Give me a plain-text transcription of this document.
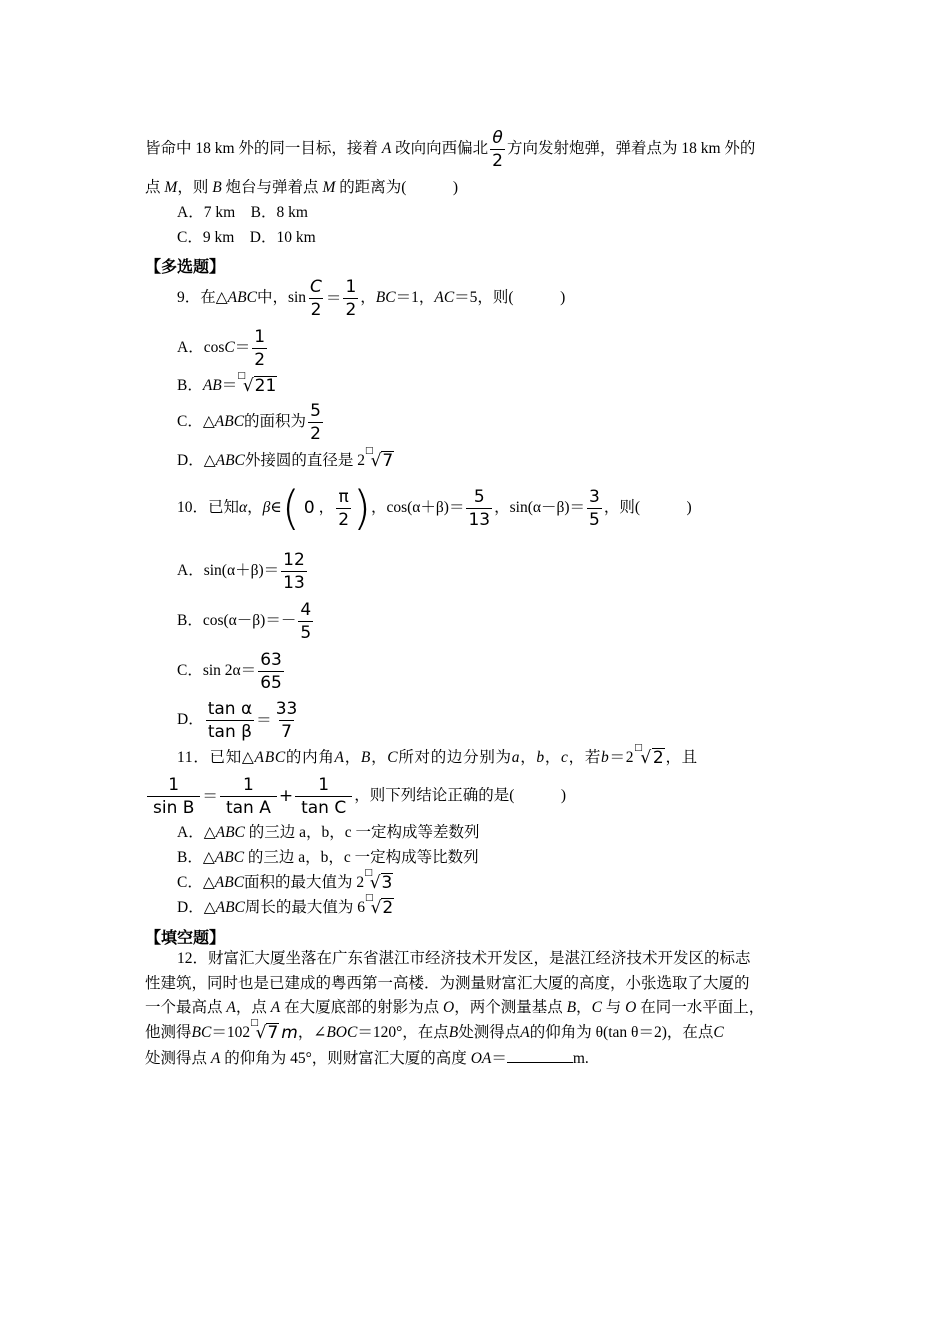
皆命中 18 km 外的同一目标，接着 A 改向向西偏北 $\frac{\theta}{2}$ 方向发射炮弹，弹着点为 18 km 外的
点 M，则 B 炮台与弹着点 M 的距离为(　　　)
A．7 km　B．8 km
C．9 km　D．10 km
【多选题】
9．在△ ABC 中，$\sin \frac{C}{2} = \frac{1}{2}$ ， BC ＝1， AC ＝5，则(　　　)
A．$\cos C = \frac{1}{2}$
B． AB ＝
□
√ 21
C．△ ABC 的面积为 $\frac{5}{2}$
D．△ ABC 外接圆的直径是 2
□
√ 7
10．已知 α ， β ∈ ( 0 ， $\frac{\pi}{2}$ ) ，$\cos(\alpha+\beta)= \frac{5}{13}$ ，$\sin(\alpha-\beta)= \frac{3}{5}$ ，则(　　　)
A．$\sin(\alpha+\beta)= \frac{12}{13}$
B．$\cos(\alpha-\beta)=- \frac{4}{5}$
C．$\sin 2\alpha= \frac{63}{65}$
D． $\frac{\text{tan α}}{\text{tan β}} = \frac{33}{7}$
11．已知△ ABC 的内角 A ， B ， C 所对的边分别为 a ， b ， c ，若 b ＝2
□
√ 2 ，且
$\frac{1}{\text{sin B}} = \frac{1}{\text{tan A}} + \frac{1}{\text{tan C}}$ ，则下列结论正确的是(　　　)
A．△ABC 的三边 a，b，c 一定构成等差数列
B．△ABC 的三边 a，b，c 一定构成等比数列
C．△ ABC 面积的最大值为 2
□
√ 3
D．△ ABC 周长的最大值为 6
□
√ 2
【填空题】
12．财富汇大厦坐落在广东省湛江市经济技术开发区，是湛江经济技术开发区的标志
性建筑，同时也是已建成的粤西第一高楼．为测量财富汇大厦的高度，小张选取了大厦的
一个最高点 A，点 A 在大厦底部的射影为点 O，两个测量基点 B，C 与 O 在同一水平面上，
他测得 BC ＝102
□
√ 7 m ，∠ BOC ＝120°，在点 B 处测得点 A 的仰角为 θ(tan θ＝2)，在点 C
处测得点 A 的仰角为 45°，则财富汇大厦的高度 OA＝	m.
